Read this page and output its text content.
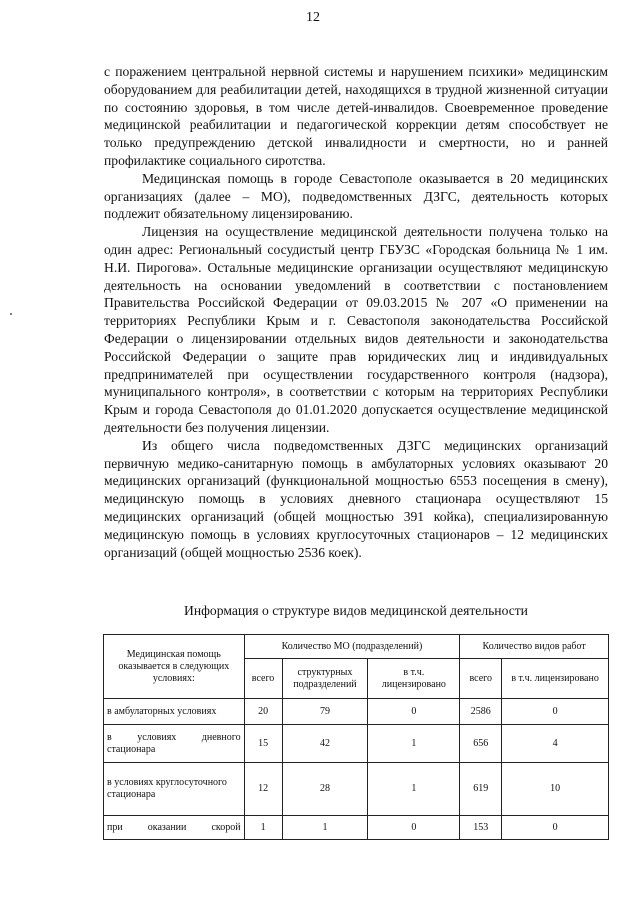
12

с поражением центральной нервной системы и нарушением психики» медицинским оборудованием для реабилитации детей, находящихся в трудной жизненной ситуации по состоянию здоровья, в том числе детей-инвалидов. Своевременное проведение медицинской реабилитации и педагогической коррекции детям способствует не только предупреждению детской инвалидности и смертности, но и ранней профилактике социального сиротства.

Медицинская помощь в городе Севастополе оказывается в 20 медицинских организациях (далее – МО), подведомственных ДЗГС, деятельность которых подлежит обязательному лицензированию.

Лицензия на осуществление медицинской деятельности получена только на один адрес: Региональный сосудистый центр ГБУЗС «Городская больница № 1 им. Н.И. Пирогова». Остальные медицинские организации осуществляют медицинскую деятельность на основании уведомлений в соответствии с постановлением Правительства Российской Федерации от 09.03.2015 № 207 «О применении на территориях Республики Крым и г. Севастополя законодательства Российской Федерации о лицензировании отдельных видов деятельности и законодательства Российской Федерации о защите прав юридических лиц и индивидуальных предпринимателей при осуществлении государственного контроля (надзора), муниципального контроля», в соответствии с которым на территориях Республики Крым и города Севастополя до 01.01.2020 допускается осуществление медицинской деятельности без получения лицензии.

Из общего числа подведомственных ДЗГС медицинских организаций первичную медико-санитарную помощь в амбулаторных условиях оказывают 20 медицинских организаций (функциональной мощностью 6553 посещения в смену), медицинскую помощь в условиях дневного стационара осуществляют 15 медицинских организаций (общей мощностью 391 койка), специализированную медицинскую помощь в условиях круглосуточных стационаров – 12 медицинских организаций (общей мощностью 2536 коек).

Информация о структуре видов медицинской деятельности
Медицинская помощь оказывается в следующих условиях:	Количество МО (подразделений)			Количество видов работ	
	всего	структурных подразделений	в т.ч. лицензировано	всего	в т.ч. лицензировано
в амбулаторных условиях	20	79	0	2586	0
в условиях дневного стационара	15	42	1	656	4
в условиях круглосуточного стационара	12	28	1	619	10
при оказании скорой	1	1	0	153	0
